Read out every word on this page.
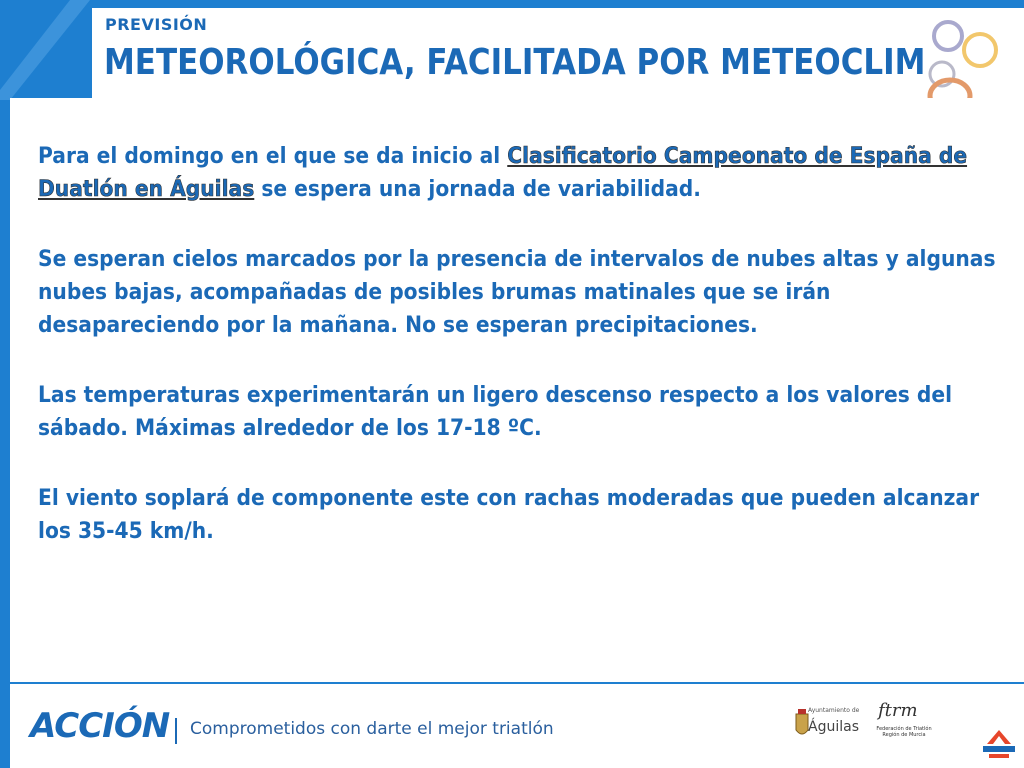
PREVISIÓN
METEOROLÓGICA, FACILITADA POR METEOCLIM

Para el domingo en el que se da inicio al Clasificatorio Campeonato de España de Duatlón en Águilas se espera una jornada de variabilidad.

Se esperan cielos marcados por la presencia de intervalos de nubes altas y algunas nubes bajas, acompañadas de posibles brumas matinales que se irán desapareciendo por la mañana. No se esperan precipitaciones.

Las temperaturas experimentarán un ligero descenso respecto a los valores del sábado. Máximas alrededor de los 17-18 ºC.

El viento soplará de componente este con rachas moderadas que pueden alcanzar los 35-45 km/h.

ACCIÓN Comprometidos con darte el mejor triatlón
Ayuntamiento de
Águilas
ftrm
Federación de Triatlón Región de Murcia
